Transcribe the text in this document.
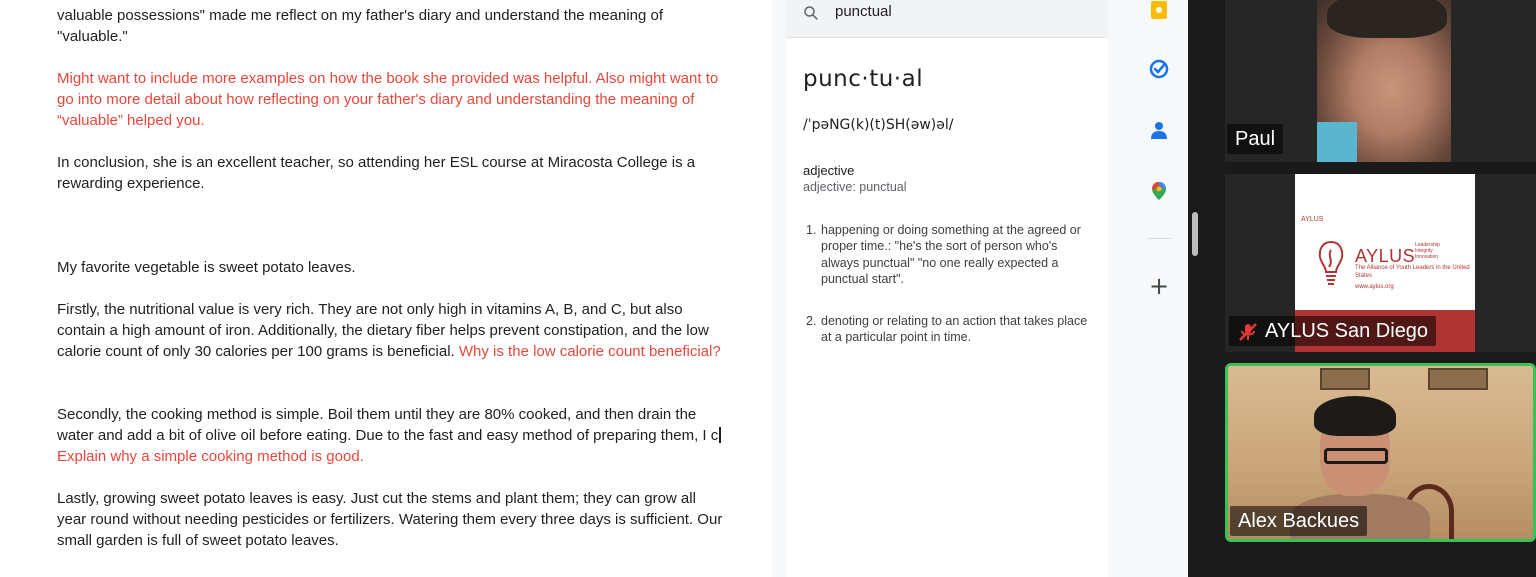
valuable possessions" made me reflect on my father's diary and understand the meaning of "valuable."
Might want to include more examples on how the book she provided was helpful. Also might want to go into more detail about how reflecting on your father's diary and understanding the meaning of “valuable” helped you.
In conclusion, she is an excellent teacher, so attending her ESL course at Miracosta College is a rewarding experience.
My favorite vegetable is sweet potato leaves.
Firstly, the nutritional value is very rich. They are not only high in vitamins A, B, and C, but also contain a high amount of iron. Additionally, the dietary fiber helps prevent constipation, and the low calorie count of only 30 calories per 100 grams is beneficial. Why is the low calorie count beneficial?
Secondly, the cooking method is simple. Boil them until they are 80% cooked, and then drain the water and add a bit of olive oil before eating. Due to the fast and easy method of preparing them, I cExplain why a simple cooking method is good.
Lastly, growing sweet potato leaves is easy. Just cut the stems and plant them; they can grow all year round without needing pesticides or fertilizers. Watering them every three days is sufficient. Our small garden is full of sweet potato leaves.
punctual
punc·tu·al
/ˈpəNG(k)(t)SH(əw)əl/
adjective
adjective: punctual
1. happening or doing something at the agreed or proper time.: "he's the sort of person who's always punctual" "no one really expected a punctual start".
2. denoting or relating to an action that takes place at a particular point in time.
+
Paul
AYLUS
AYLUS
Leadership
Integrity
Innovation
The Alliance of Youth Leaders in the United States
www.aylus.org
AYLUS San Diego
Alex Backues
